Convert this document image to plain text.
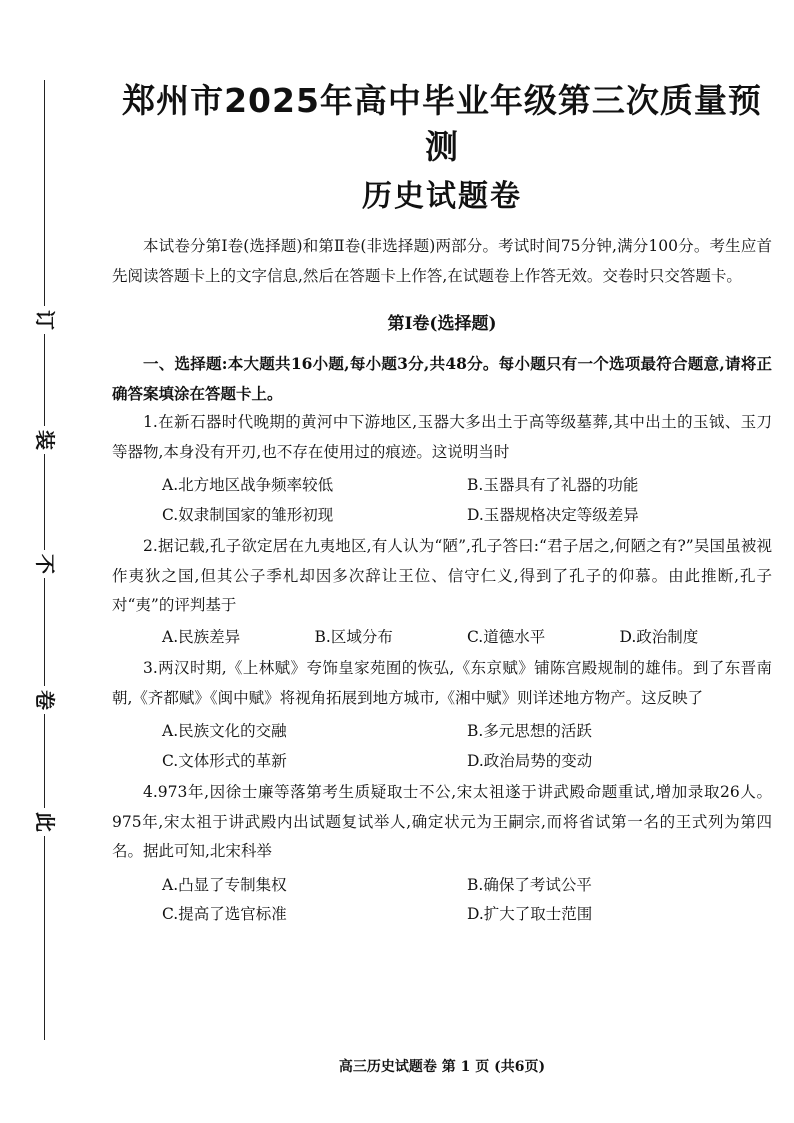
此
卷
不
装
订
郑州市2025年高中毕业年级第三次质量预测
历史试题卷

本试卷分第Ⅰ卷(选择题)和第Ⅱ卷(非选择题)两部分。考试时间75分钟,满分100分。考生应首先阅读答题卡上的文字信息,然后在答题卡上作答,在试题卷上作答无效。交卷时只交答题卡。

第Ⅰ卷(选择题)

一、选择题:本大题共16小题,每小题3分,共48分。每小题只有一个选项最符合题意,请将正确答案填涂在答题卡上。

1.在新石器时代晚期的黄河中下游地区,玉器大多出土于高等级墓葬,其中出土的玉钺、玉刀等器物,本身没有开刃,也不存在使用过的痕迹。这说明当时

A.北方地区战争频率较低	B.玉器具有了礼器的功能
C.奴隶制国家的雏形初现	D.玉器规格决定等级差异

2.据记载,孔子欲定居在九夷地区,有人认为“陋”,孔子答曰:“君子居之,何陋之有?”吴国虽被视作夷狄之国,但其公子季札却因多次辞让王位、信守仁义,得到了孔子的仰慕。由此推断,孔子对“夷”的评判基于

A.民族差异	B.区域分布	C.道德水平	D.政治制度

3.两汉时期,《上林赋》夸饰皇家苑囿的恢弘,《东京赋》铺陈宫殿规制的雄伟。到了东晋南朝,《齐都赋》《闽中赋》将视角拓展到地方城市,《湘中赋》则详述地方物产。这反映了

A.民族文化的交融	B.多元思想的活跃
C.文体形式的革新	D.政治局势的变动

4.973年,因徐士廉等落第考生质疑取士不公,宋太祖遂于讲武殿命题重试,增加录取26人。975年,宋太祖于讲武殿内出试题复试举人,确定状元为王嗣宗,而将省试第一名的王式列为第四名。据此可知,北宋科举

A.凸显了专制集权	B.确保了考试公平
C.提高了选官标准	D.扩大了取士范围
高三历史试题卷 第 1 页 (共6页)
